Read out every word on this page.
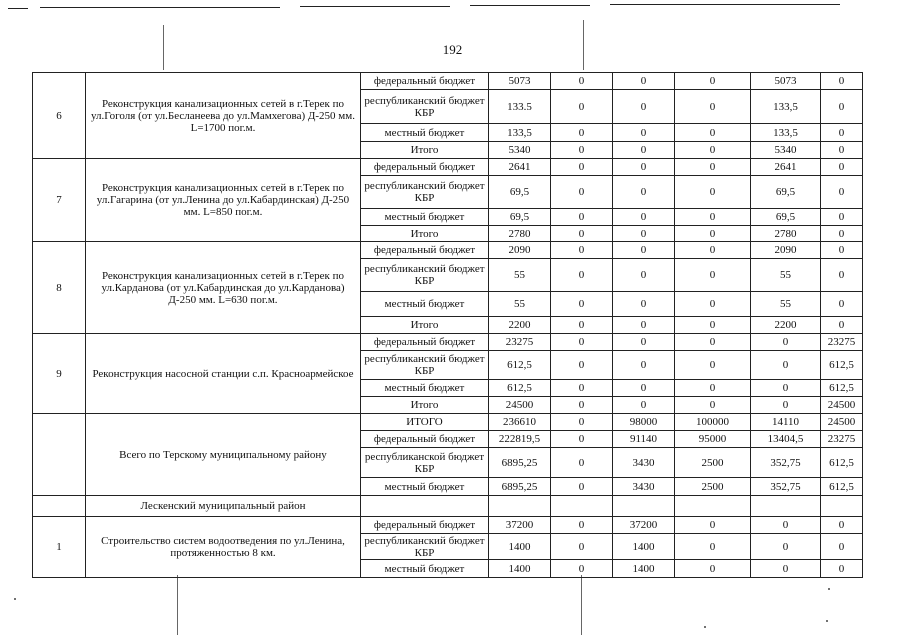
192
6	Реконструкция канализационных сетей в г.Терек по ул.Гоголя (от ул.Бесланеева до ул.Мамхегова) Д-250 мм. L=1700 пог.м.	федеральный бюджет	5073	0	0	0	5073	0
		республиканский бюджет КБР	133.5	0	0	0	133,5	0
		местный бюджет	133,5	0	0	0	133,5	0
		Итого	5340	0	0	0	5340	0
7	Реконструкция канализационных сетей в г.Терек по ул.Гагарина (от ул.Ленина до ул.Кабардинская) Д-250 мм. L=850 пог.м.	федеральный бюджет	2641	0	0	0	2641	0
		республиканский бюджет КБР	69,5	0	0	0	69,5	0
		местный бюджет	69,5	0	0	0	69,5	0
		Итого	2780	0	0	0	2780	0
8	Реконструкция канализационных сетей в г.Терек по ул.Карданова (от ул.Кабардинская до ул.Карданова) Д-250 мм. L=630 пог.м.	федеральный бюджет	2090	0	0	0	2090	0
		республиканский бюджет КБР	55	0	0	0	55	0
		местный бюджет	55	0	0	0	55	0
		Итого	2200	0	0	0	2200	0
9	Реконструкция насосной станции с.п. Красноармейское	федеральный бюджет	23275	0	0	0	0	23275
		республиканский бюджет КБР	612,5	0	0	0	0	612,5
		местный бюджет	612,5	0	0	0	0	612,5
		Итого	24500	0	0	0	0	24500
	Всего по Терскому муниципальному району	ИТОГО	236610	0	98000	100000	14110	24500
		федеральный бюджет	222819,5	0	91140	95000	13404,5	23275
		республиканской бюджет КБР	6895,25	0	3430	2500	352,75	612,5
		местный бюджет	6895,25	0	3430	2500	352,75	612,5
	Лескенский муниципальный район							
1	Строительство систем водоотведения по ул.Ленина, протяженностью 8 км.	федеральный бюджет	37200	0	37200	0	0	0
		республиканский бюджет КБР	1400	0	1400	0	0	0
		местный бюджет	1400	0	1400	0	0	0
